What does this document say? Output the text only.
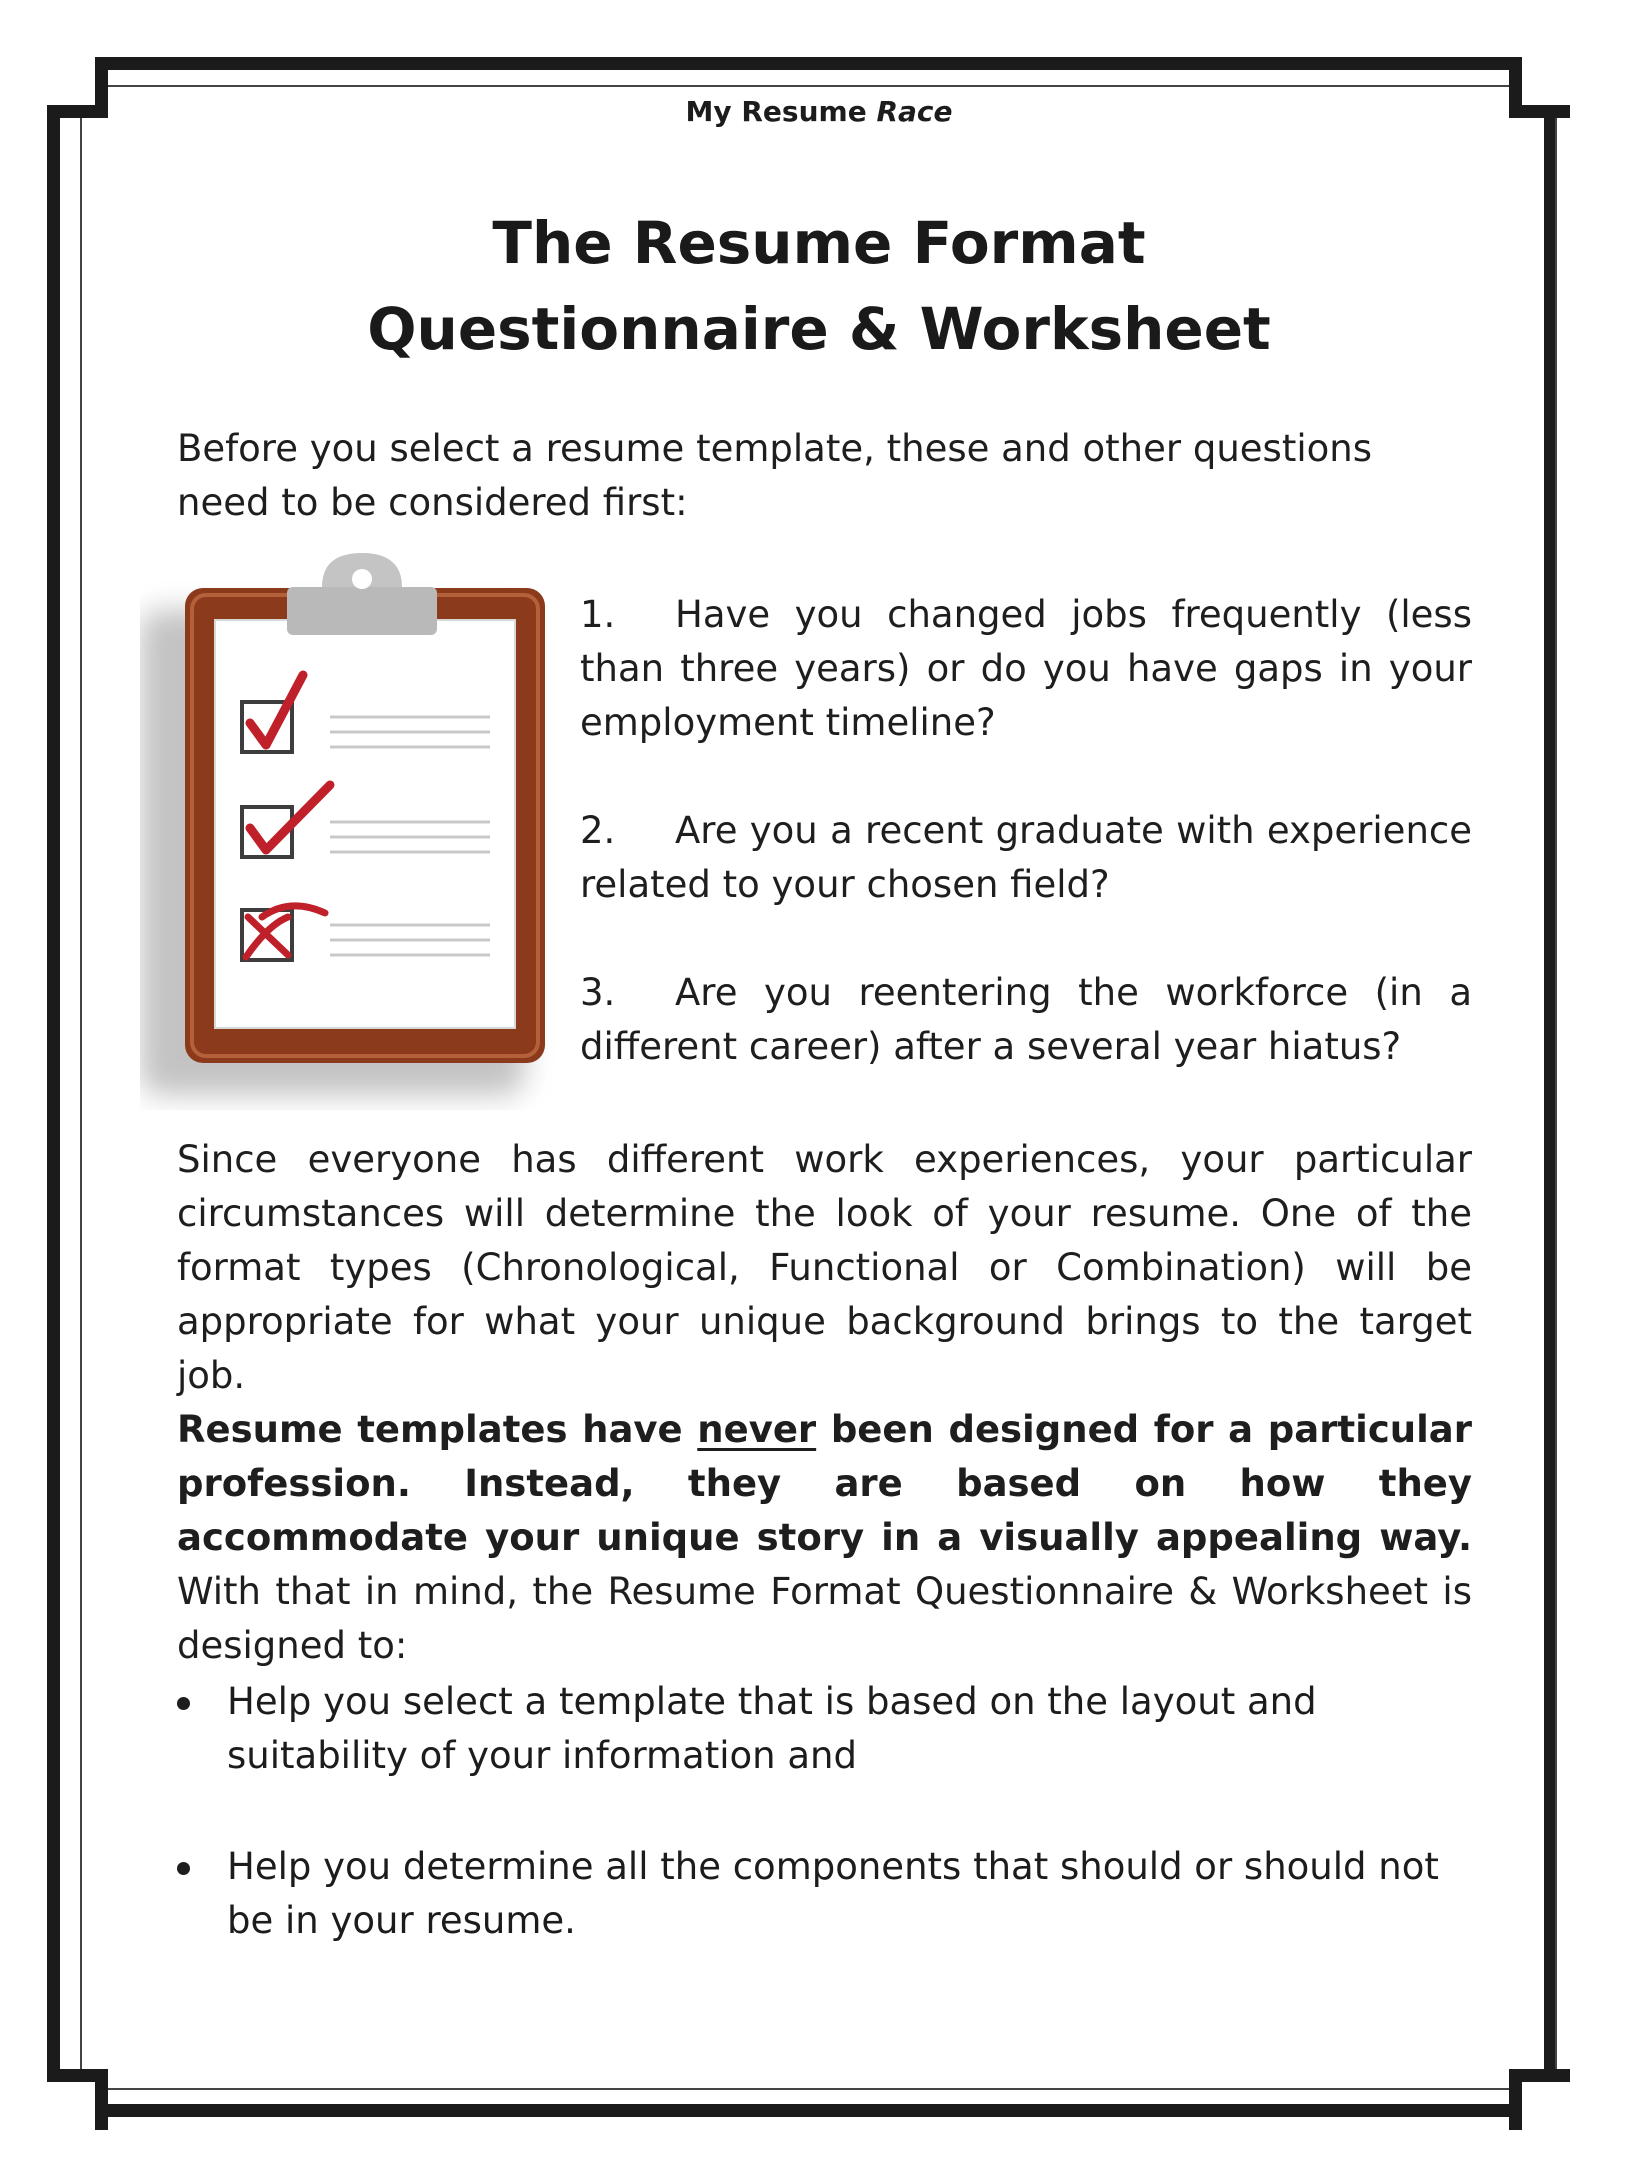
My Resume Race
The Resume Format
Questionnaire & Worksheet
Before you select a resume template, these and other questions need to be considered first:
1. Have you changed jobs frequently (less than three years) or do you have gaps in your employment timeline?
2. Are you a recent graduate with experience related to your chosen field?
3. Are you reentering the workforce (in a different career) after a several year hiatus?
Since everyone has different work experiences, your particular circumstances will determine the look of your resume. One of the format types (Chronological, Functional or Combination) will be appropriate for what your unique background brings to the target job.
Resume templates have never been designed for a particular profession. Instead, they are based on how they accommodate your unique story in a visually appealing way. With that in mind, the Resume Format Questionnaire & Worksheet is designed to:
Help you select a template that is based on the layout and suitability of your information and
Help you determine all the components that should or should not be in your resume.
